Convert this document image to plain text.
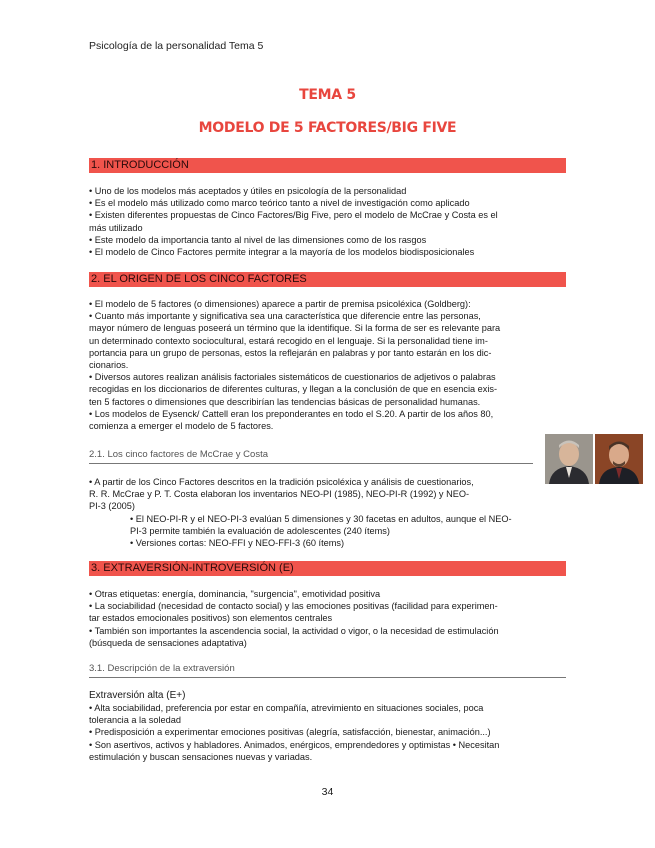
Psicología de la personalidad Tema 5
TEMA 5
MODELO DE 5 FACTORES/BIG FIVE
1. INTRODUCCIÓN
• Uno de los modelos más aceptados y útiles en psicología de la personalidad
• Es el modelo más utilizado como marco teórico tanto a nivel de investigación como aplicado
• Existen diferentes propuestas de Cinco Factores/Big Five, pero el modelo de McCrae y Costa es el
más utilizado
• Este modelo da importancia tanto al nivel de las dimensiones como de los rasgos
• El modelo de Cinco Factores permite integrar a la mayoría de los modelos biodisposicionales
2. EL ORIGEN DE LOS CINCO FACTORES
• El modelo de 5 factores (o dimensiones) aparece a partir de premisa psicoléxica (Goldberg):
• Cuanto más importante y significativa sea una característica que diferencie entre las personas,
mayor número de lenguas poseerá un término que la identifique. Si la forma de ser es relevante para
un determinado contexto sociocultural, estará recogido en el lenguaje. Si la personalidad tiene im-
portancia para un grupo de personas, estos la reflejarán en palabras y por tanto estarán en los dic-
cionarios.
• Diversos autores realizan análisis factoriales sistemáticos de cuestionarios de adjetivos o palabras
recogidas en los diccionarios de diferentes culturas, y llegan a la conclusión de que en esencia exis-
ten 5 factores o dimensiones que describirían las tendencias básicas de personalidad humanas.
• Los modelos de Eysenck/ Cattell eran los preponderantes en todo el S.20. A partir de los años 80,
comienza a emerger el modelo de 5 factores.
2.1. Los cinco factores de McCrae y Costa
• A partir de los Cinco Factores descritos en la tradición psicoléxica y análisis de cuestionarios,
R. R. McCrae y P. T. Costa elaboran los inventarios NEO-PI (1985), NEO-PI-R (1992) y NEO-
PI-3 (2005)
• El NEO-PI-R y el NEO-PI-3 evalúan 5 dimensiones y 30 facetas en adultos, aunque el NEO-
PI-3 permite también la evaluación de adolescentes (240 ítems)
• Versiones cortas: NEO-FFI y NEO-FFI-3 (60 ítems)
3. EXTRAVERSIÓN-INTROVERSIÓN (E)
• Otras etiquetas: energía, dominancia, "surgencia", emotividad positiva
• La sociabilidad (necesidad de contacto social) y las emociones positivas (facilidad para experimen-
tar estados emocionales positivos) son elementos centrales
• También son importantes la ascendencia social, la actividad o vigor, o la necesidad de estimulación
(búsqueda de sensaciones adaptativa)
3.1. Descripción de la extraversión
Extraversión alta (E+)
• Alta sociabilidad, preferencia por estar en compañía, atrevimiento en situaciones sociales, poca
tolerancia a la soledad
• Predisposición a experimentar emociones positivas (alegría, satisfacción, bienestar, animación...)
• Son asertivos, activos y habladores. Animados, enérgicos, emprendedores y optimistas • Necesitan
estimulación y buscan sensaciones nuevas y variadas.
34
